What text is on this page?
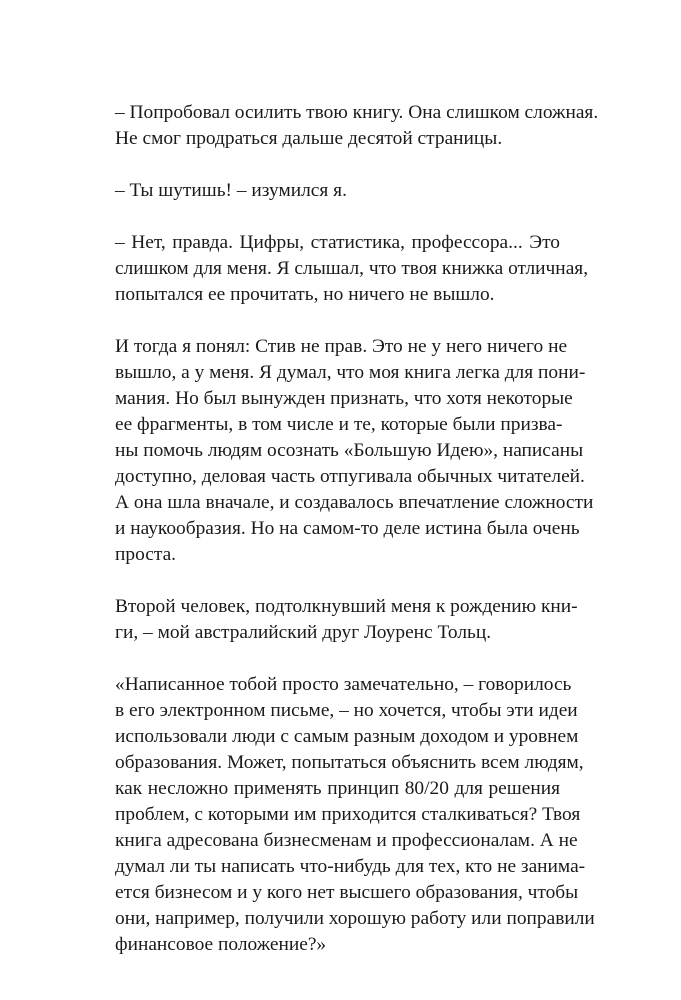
– Попробовал осилить твою книгу. Она слишком сложная.

Не смог продраться дальше десятой страницы.

– Ты шутишь! – изумился я.

– Нет, правда. Цифры, статистика, профессора... Это

слишком для меня. Я слышал, что твоя книжка отличная,

попытался ее прочитать, но ничего не вышло.

И тогда я понял: Стив не прав. Это не у него ничего не

вышло, а у меня. Я думал, что моя книга легка для пони-

мания. Но был вынужден признать, что хотя некоторые

ее фрагменты, в том числе и те, которые были призва-

ны помочь людям осознать «Большую Идею», написаны

доступно, деловая часть отпугивала обычных читателей.

А она шла вначале, и создавалось впечатление сложности

и наукообразия. Но на самом-то деле истина была очень

проста.

Второй человек, подтолкнувший меня к рождению кни-

ги, – мой австралийский друг Лоуренс Тольц.

«Написанное тобой просто замечательно, – говорилось

в его электронном письме, – но хочется, чтобы эти идеи

использовали люди с самым разным доходом и уровнем

образования. Может, попытаться объяснить всем людям,

как несложно применять принцип 80/20 для решения

проблем, с которыми им приходится сталкиваться? Твоя

книга адресована бизнесменам и профессионалам. А не

думал ли ты написать что-нибудь для тех, кто не занима-

ется бизнесом и у кого нет высшего образования, чтобы

они, например, получили хорошую работу или поправили

финансовое положение?»
